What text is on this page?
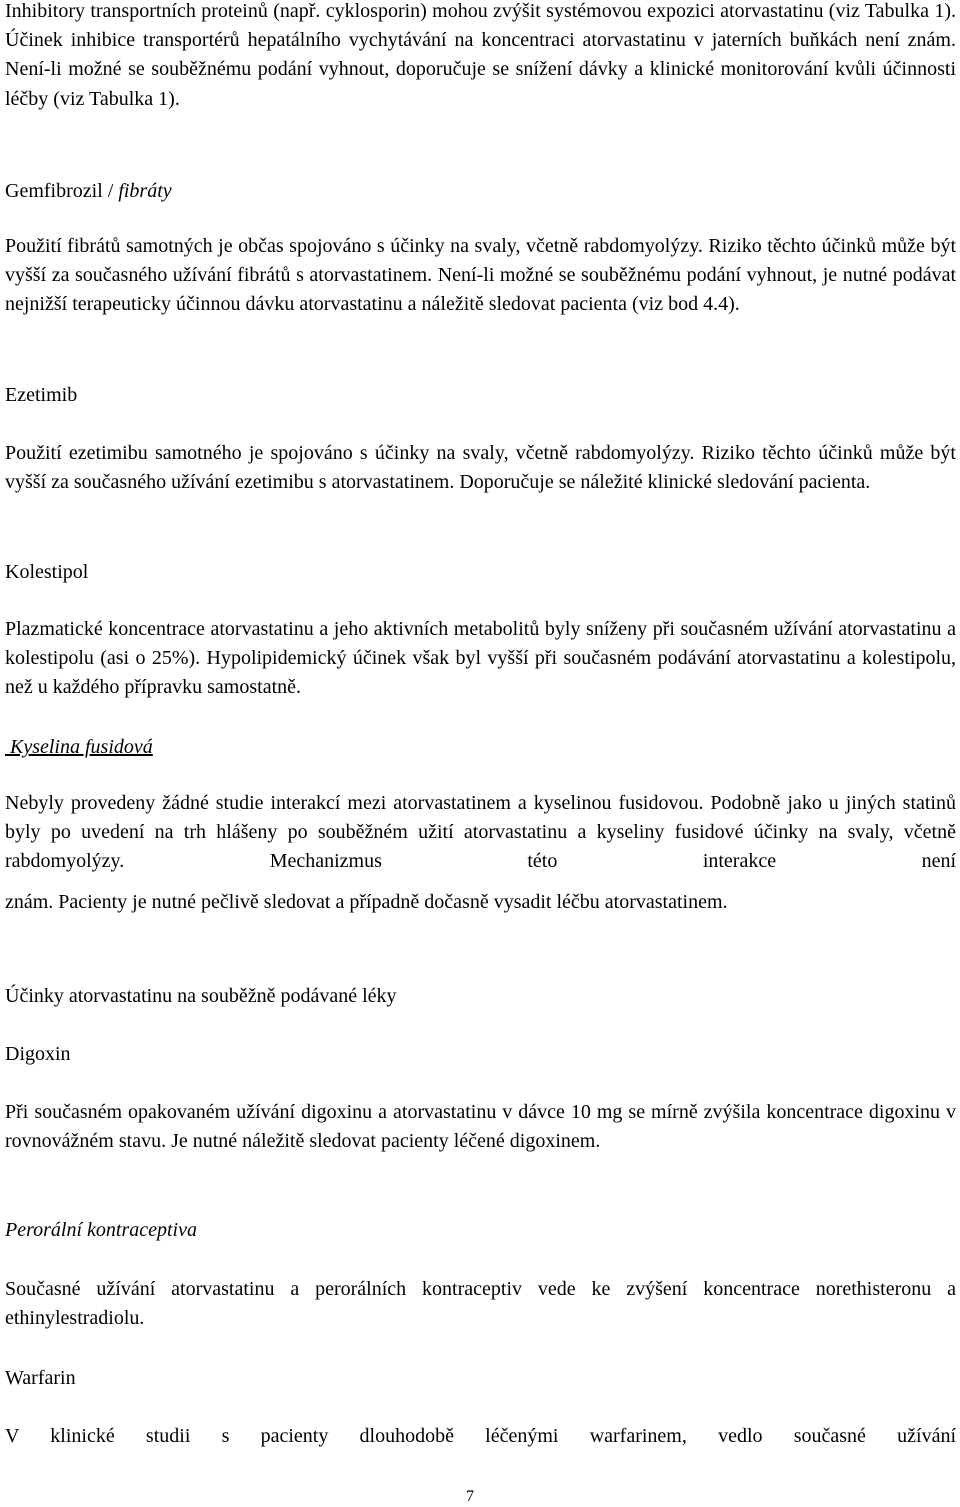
Inhibitory transportních proteinů (např. cyklosporin) mohou zvýšit systémovou expozici atorvastatinu (viz Tabulka 1). Účinek inhibice transportérů hepatálního vychytávání na koncentraci atorvastatinu v jaterních buňkách není znám. Není-li možné se souběžnému podání vyhnout, doporučuje se snížení dávky a klinické monitorování kvůli účinnosti léčby (viz Tabulka 1).

Gemfibrozil / fibráty

Použití fibrátů samotných je občas spojováno s účinky na svaly, včetně rabdomyolýzy. Riziko těchto účinků může být vyšší za současného užívání fibrátů s atorvastatinem. Není-li možné se souběžnému podání vyhnout, je nutné podávat nejnižší terapeuticky účinnou dávku atorvastatinu a náležitě sledovat pacienta (viz bod 4.4).

Ezetimib

Použití ezetimibu samotného je spojováno s účinky na svaly, včetně rabdomyolýzy. Riziko těchto účinků může být vyšší za současného užívání ezetimibu s atorvastatinem. Doporučuje se náležité klinické sledování pacienta.

Kolestipol

Plazmatické koncentrace atorvastatinu a jeho aktivních metabolitů byly sníženy při současném užívání atorvastatinu a kolestipolu (asi o 25%). Hypolipidemický účinek však byl vyšší při současném podávání atorvastatinu a kolestipolu, než u každého přípravku samostatně.

Kyselina fusidová

Nebyly provedeny žádné studie interakcí mezi atorvastatinem a kyselinou fusidovou. Podobně jako u jiných statinů byly po uvedení na trh hlášeny po souběžném užití atorvastatinu a kyseliny fusidové účinky na svaly, včetně rabdomyolýzy. Mechanizmus této interakce není

znám. Pacienty je nutné pečlivě sledovat a případně dočasně vysadit léčbu atorvastatinem.

Účinky atorvastatinu na souběžně podávané léky
Digoxin

Při současném opakovaném užívání digoxinu a atorvastatinu v dávce 10 mg se mírně zvýšila koncentrace digoxinu v rovnovážném stavu. Je nutné náležitě sledovat pacienty léčené digoxinem.

Perorální kontraceptiva

Současné užívání atorvastatinu a perorálních kontraceptiv vede ke zvýšení koncentrace norethisteronu a ethinylestradiolu.

Warfarin

V klinické studii s pacienty dlouhodobě léčenými warfarinem, vedlo současné užívání

7
